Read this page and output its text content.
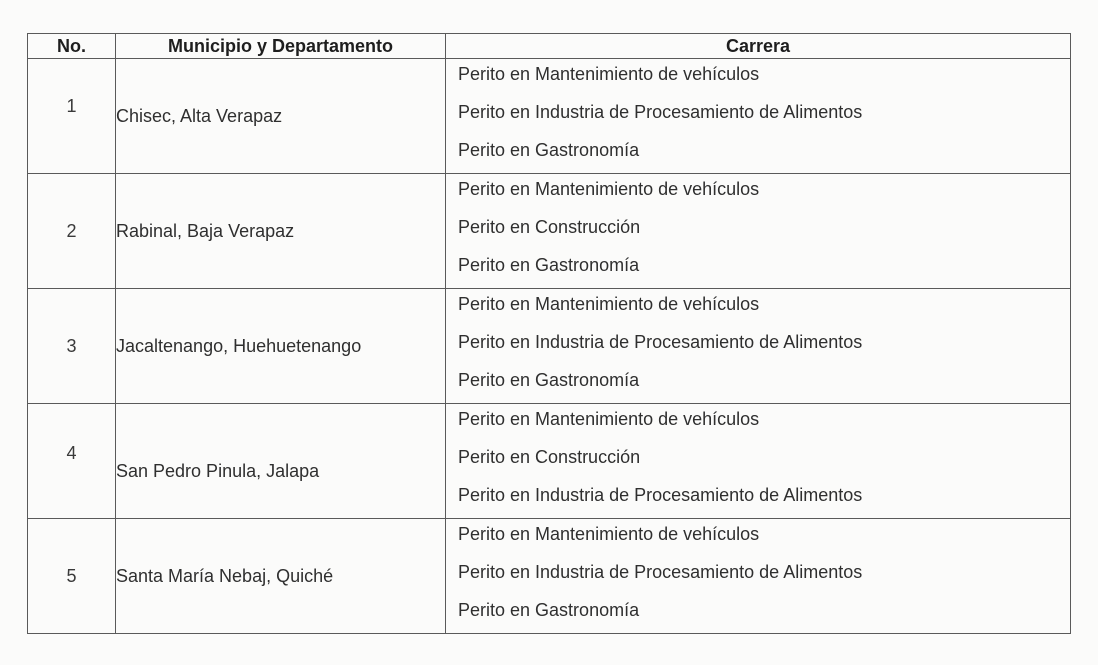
No.	Municipio y Departamento	Carrera
1	Chisec, Alta Verapaz	Perito en Mantenimiento de vehículos
Perito en Industria de Procesamiento de Alimentos
Perito en Gastronomía

2	Rabinal, Baja Verapaz	Perito en Mantenimiento de vehículos
Perito en Construcción
Perito en Gastronomía

3	Jacaltenango, Huehuetenango	Perito en Mantenimiento de vehículos
Perito en Industria de Procesamiento de Alimentos
Perito en Gastronomía

4	San Pedro Pinula, Jalapa	Perito en Mantenimiento de vehículos
Perito en Construcción
Perito en Industria de Procesamiento de Alimentos

5	Santa María Nebaj, Quiché	Perito en Mantenimiento de vehículos
Perito en Industria de Procesamiento de Alimentos
Perito en Gastronomía
